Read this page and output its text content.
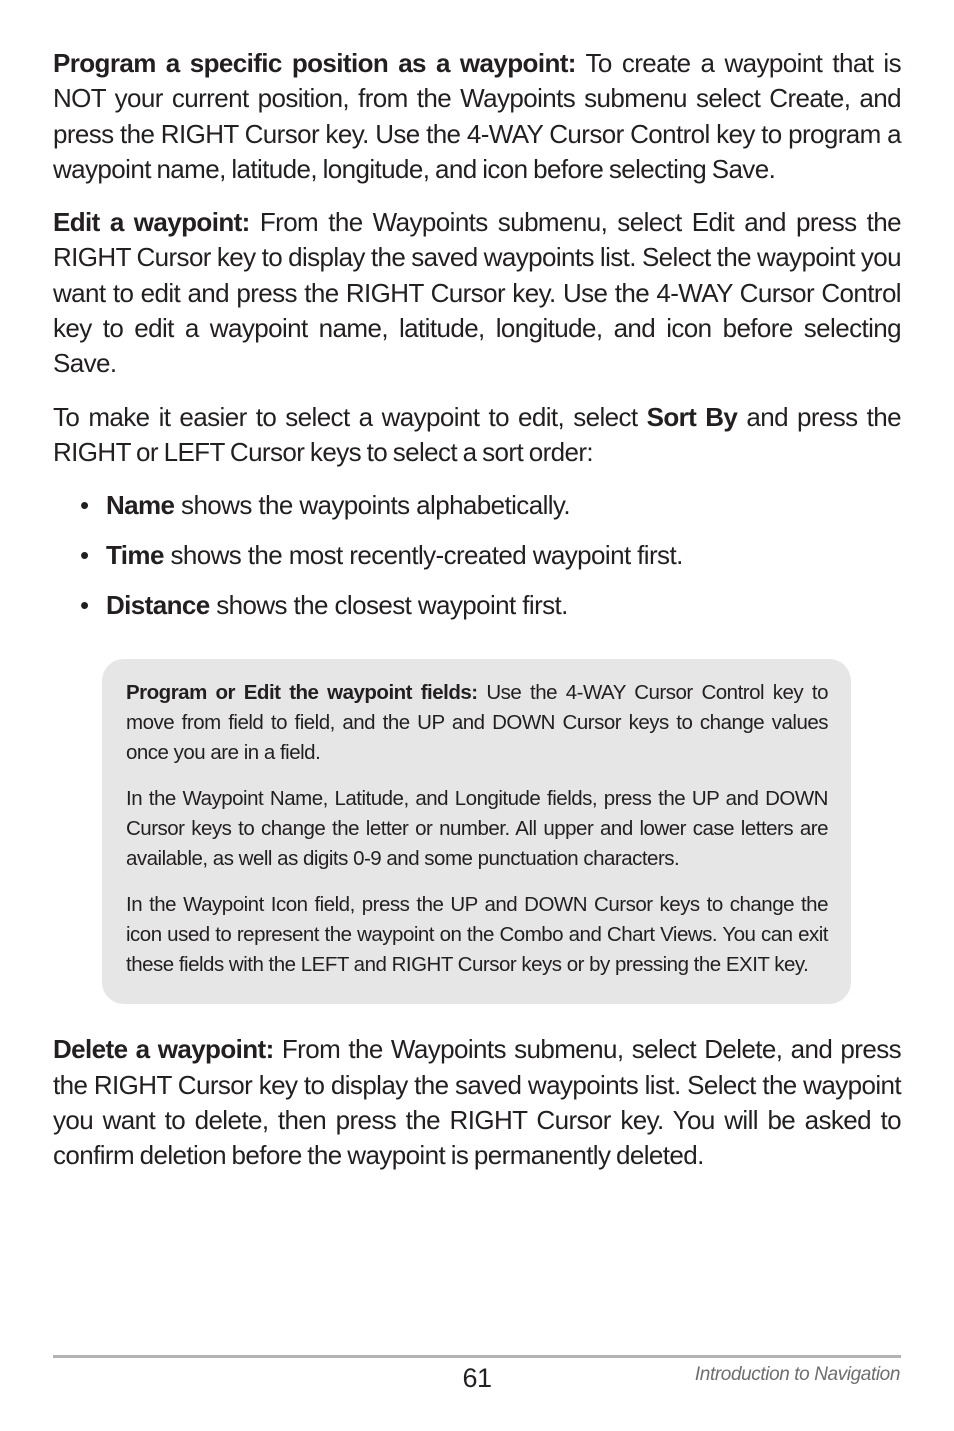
Program a specific position as a waypoint: To create a waypoint that is NOT your current position, from the Waypoints submenu select Create, and press the RIGHT Cursor key. Use the 4-WAY Cursor Control key to program a waypoint name, latitude, longitude, and icon before selecting Save.

Edit a waypoint: From the Waypoints submenu, select Edit and press the RIGHT Cursor key to display the saved waypoints list. Select the waypoint you want to edit and press the RIGHT Cursor key. Use the 4-WAY Cursor Control key to edit a waypoint name, latitude, longitude, and icon before selecting Save.

To make it easier to select a waypoint to edit, select Sort By and press the RIGHT or LEFT Cursor keys to select a sort order:

• Name shows the waypoints alphabetically.
• Time shows the most recently-created waypoint first.
• Distance shows the closest waypoint first.

Program or Edit the waypoint fields: Use the 4-WAY Cursor Control key to move from field to field, and the UP and DOWN Cursor keys to change values once you are in a field.

In the Waypoint Name, Latitude, and Longitude fields, press the UP and DOWN Cursor keys to change the letter or number. All upper and lower case letters are available, as well as digits 0-9 and some punctuation characters.

In the Waypoint Icon field, press the UP and DOWN Cursor keys to change the icon used to represent the waypoint on the Combo and Chart Views. You can exit these fields with the LEFT and RIGHT Cursor keys or by pressing the EXIT key.

Delete a waypoint: From the Waypoints submenu, select Delete, and press the RIGHT Cursor key to display the saved waypoints list. Select the waypoint you want to delete, then press the RIGHT Cursor key. You will be asked to confirm deletion before the waypoint is permanently deleted.

61	Introduction to Navigation
